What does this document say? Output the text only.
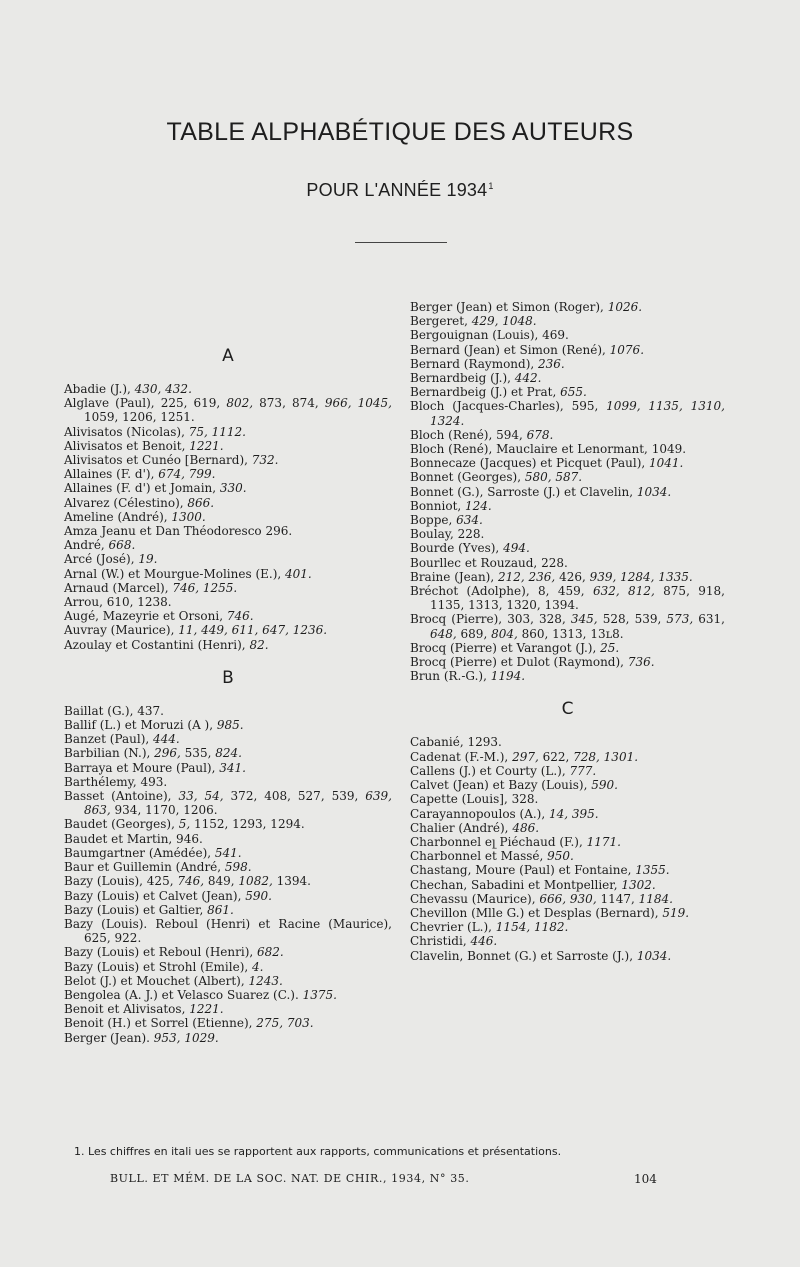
TABLE ALPHABÉTIQUE DES AUTEURS
POUR L'ANNÉE 1934$^1$
A

Abadie (J.), 430, 432.

Alglave (Paul), 225, 619, 802, 873, 874, 966, 1045, 1059, 1206, 1251.

Alivisatos (Nicolas), 75, 1112.

Alivisatos et Benoit, 1221.

Alivisatos et Cunéo [Bernard), 732.

Allaines (F. d'), 674, 799.

Allaines (F. d') et Jomain, 330.

Alvarez (Célestino), 866.

Ameline (André), 1300.

Amza Jeanu et Dan Théodoresco 296.

André, 668.

Arcé (José), 19.

Arnal (W.) et Mourgue-Molines (E.), 401.

Arnaud (Marcel), 746, 1255.

Arrou, 610, 1238.

Augé, Mazeyrie et Orsoni, 746.

Auvray (Maurice), 11, 449, 611, 647, 1236.

Azoulay et Costantini (Henri), 82.

B

Baillat (G.), 437.

Ballif (L.) et Moruzi (A ), 985.

Banzet (Paul), 444.

Barbilian (N.), 296, 535, 824.

Barraya et Moure (Paul), 341.

Barthélemy, 493.

Basset (Antoine), 33, 54, 372, 408, 527, 539, 639, 863, 934, 1170, 1206.

Baudet (Georges), 5, 1152, 1293, 1294.

Baudet et Martin, 946.

Baumgartner (Amédée), 541.

Baur et Guillemin (André, 598.

Bazy (Louis), 425, 746, 849, 1082, 1394.

Bazy (Louis) et Calvet (Jean), 590.

Bazy (Louis) et Galtier, 861.

Bazy (Louis). Reboul (Henri) et Racine (Maurice), 625, 922.

Bazy (Louis) et Reboul (Henri), 682.

Bazy (Louis) et Strohl (Emile), 4.

Belot (J.) et Mouchet (Albert), 1243.

Bengolea (A. J.) et Velasco Suarez (C.). 1375.

Benoit et Alivisatos, 1221.

Benoit (H.) et Sorrel (Etienne), 275, 703.

Berger (Jean). 953, 1029.

Berger (Jean) et Simon (Roger), 1026.

Bergeret, 429, 1048.

Bergouignan (Louis), 469.

Bernard (Jean) et Simon (René), 1076.

Bernard (Raymond), 236.

Bernardbeig (J.), 442.

Bernardbeig (J.) et Prat, 655.

Bloch (Jacques-Charles), 595, 1099, 1135, 1310, 1324.

Bloch (René), 594, 678.

Bloch (René), Mauclaire et Lenormant, 1049.

Bonnecaze (Jacques) et Picquet (Paul), 1041.

Bonnet (Georges), 580, 587.

Bonnet (G.), Sarroste (J.) et Clavelin, 1034.

Bonniot, 124.

Boppe, 634.

Boulay, 228.

Bourde (Yves), 494.

Bourllec et Rouzaud, 228.

Braine (Jean), 212, 236, 426, 939, 1284, 1335.

Bréchot (Adolphe), 8, 459, 632, 812, 875, 918, 1135, 1313, 1320, 1394.

Brocq (Pierre), 303, 328, 345, 528, 539, 573, 631, 648, 689, 804, 860, 1313, 13ʟ8.

Brocq (Pierre) et Varangot (J.), 25.

Brocq (Pierre) et Dulot (Raymond), 736.

Brun (R.-G.), 1194.

C

Cabanié, 1293.

Cadenat (F.-M.), 297, 622, 728, 1301.

Callens (J.) et Courty (L.), 777.

Calvet (Jean) et Bazy (Louis), 590.

Capette (Louis], 328.

Carayannopoulos (A.), 14, 395.

Chalier (André), 486.

Charbonnel eլ Piéchaud (F.), 1171.

Charbonnel et Massé, 950.

Chastang, Moure (Paul) et Fontaine, 1355.

Chechan, Sabadini et Montpellier, 1302.

Chevassu (Maurice), 666, 930, 1147, 1184.

Chevillon (Mlle G.) et Desplas (Bernard), 519.

Chevrier (L.), 1154, 1182.

Christidi, 446.

Clavelin, Bonnet (G.) et Sarroste (J.), 1034.

1. Les chiffres en itali ues se rapportent aux rapports, communications et présentations.
BULL. ET MÉM. DE LA SOC. NAT. DE CHIR., 1934, N° 35.	104
